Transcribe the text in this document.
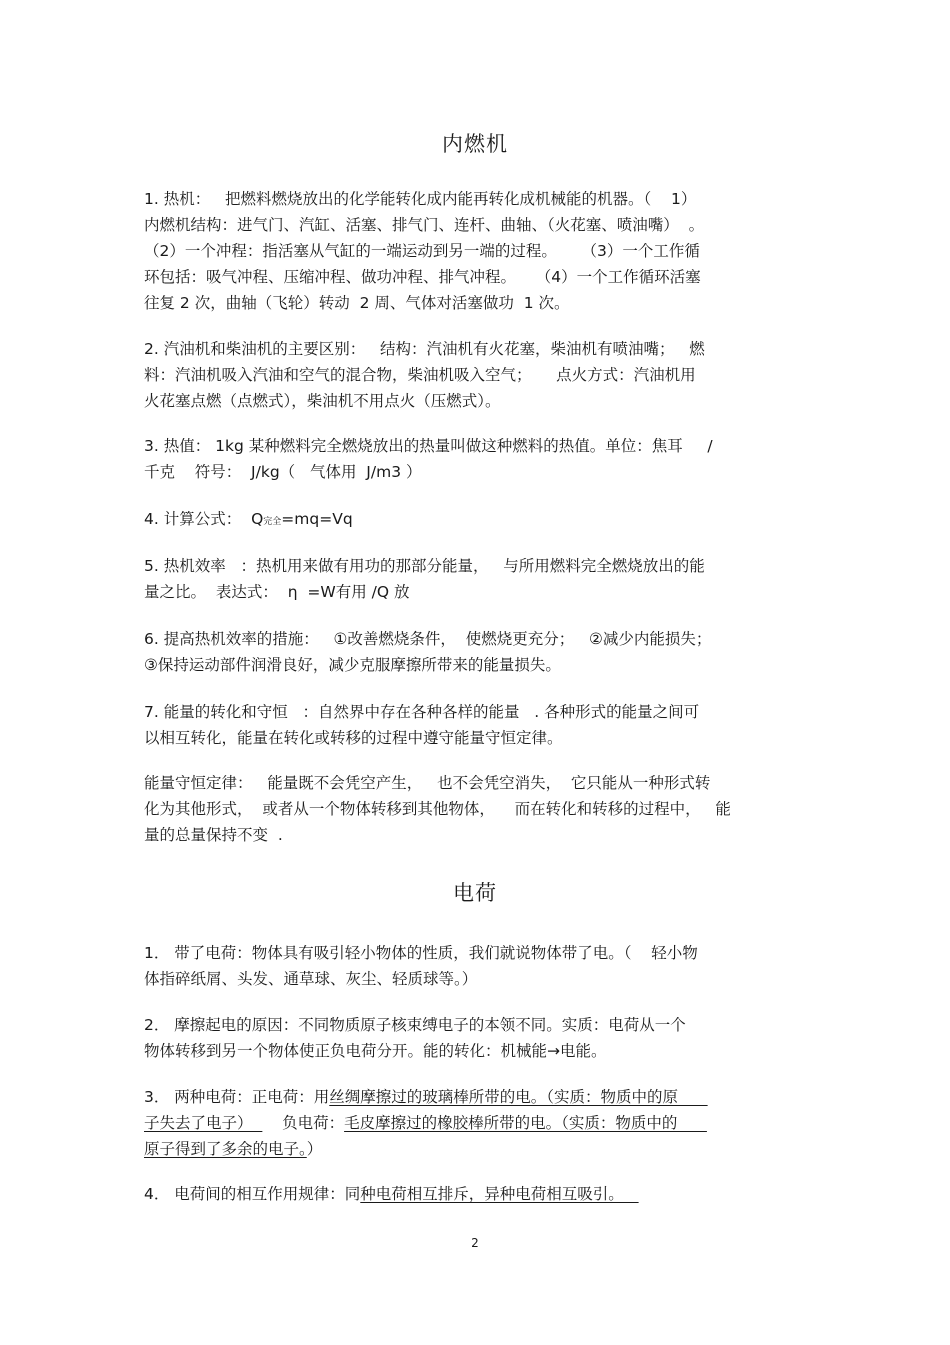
内燃机

1. 热机：   把燃料燃烧放出的化学能转化成内能再转化成机械能的机器。（    1）
内燃机结构：进气门、汽缸、活塞、排气门、连杆、曲轴、（火花塞、喷油嘴）  。
（2）一个冲程：指活塞从气缸的一端运动到另一端的过程。     （3）一个工作循
环包括：吸气冲程、压缩冲程、做功冲程、排气冲程。    （4）一个工作循环活塞
往复 2 次，曲轴（飞轮）转动  2 周、气体对活塞做功  1 次。

2. 汽油机和柴油机的主要区别：   结构：汽油机有火花塞，柴油机有喷油嘴；   燃
料：汽油机吸入汽油和空气的混合物，柴油机吸入空气；     点火方式：汽油机用
火花塞点燃（点燃式），柴油机不用点火（压燃式）。

3. 热值： 1kg 某种燃料完全燃烧放出的热量叫做这种燃料的热值。单位：焦耳     /
千克    符号：  J/kg（   气体用  J/m3 ）

4. 计算公式：  Q完全=mq=Vq

5. 热机效率   ：热机用来做有用功的那部分能量，   与所用燃料完全燃烧放出的能
量之比。  表达式：  η  =W有用 /Q 放

6. 提高热机效率的措施：   ①改善燃烧条件，  使燃烧更充分；   ②减少内能损失；
③保持运动部件润滑良好，减少克服摩擦所带来的能量损失。

7. 能量的转化和守恒   ：自然界中存在各种各样的能量   . 各种形式的能量之间可
以相互转化，能量在转化或转移的过程中遵守能量守恒定律。

能量守恒定律：   能量既不会凭空产生，   也不会凭空消失，  它只能从一种形式转
化为其他形式，  或者从一个物体转移到其他物体，    而在转化和转移的过程中，   能
量的总量保持不变  .

电荷

1． 带了电荷：物体具有吸引轻小物体的性质，我们就说物体带了电。（    轻小物
体指碎纸屑、头发、通草球、灰尘、轻质球等。）

2． 摩擦起电的原因：不同物质原子核束缚电子的本领不同。实质：电荷从一个
物体转移到另一个物体使正负电荷分开。能的转化：机械能→电能。

3． 两种电荷：正电荷：用丝绸摩擦过的玻璃棒所带的电。（实质：物质中的原
子失去了电子）      负电荷：毛皮摩擦过的橡胶棒所带的电。（实质：物质中的
原子得到了多余的电子。）

4． 电荷间的相互作用规律：同种电荷相互排斥，异种电荷相互吸引。

2
